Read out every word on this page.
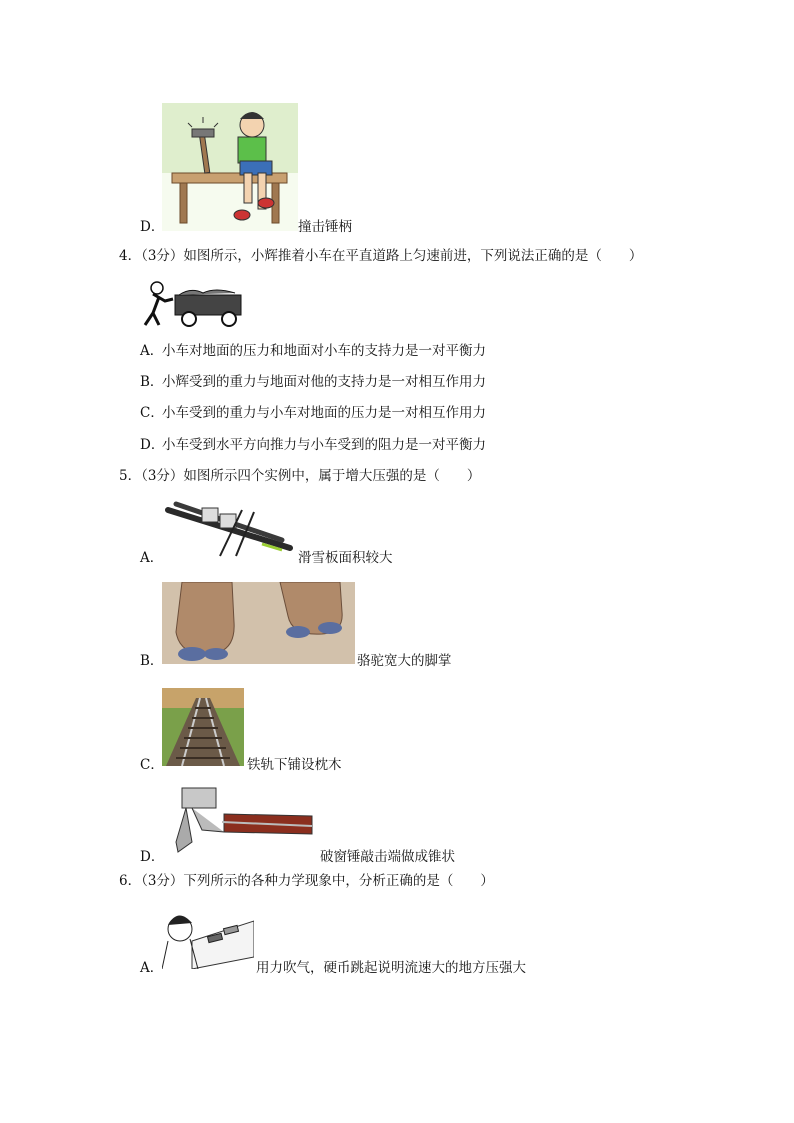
D．	撞击锤柄
4．（3分）如图所示，小辉推着小车在平直道路上匀速前进，下列说法正确的是（　　）
A．
小车对地面的压力和地面对小车的支持力是一对平衡力
B．
小辉受到的重力与地面对他的支持力是一对相互作用力
C．
小车受到的重力与小车对地面的压力是一对相互作用力
D．
小车受到水平方向推力与小车受到的阻力是一对平衡力
5．（3分）如图所示四个实例中，属于增大压强的是（　　）
A．	滑雪板面积较大
B．	骆驼宽大的脚掌
C．	铁轨下铺设枕木
D．	破窗锤敲击端做成锥状
6．（3分）下列所示的各种力学现象中，分析正确的是（　　）
A．	用力吹气，硬币跳起说明流速大的地方压强大
